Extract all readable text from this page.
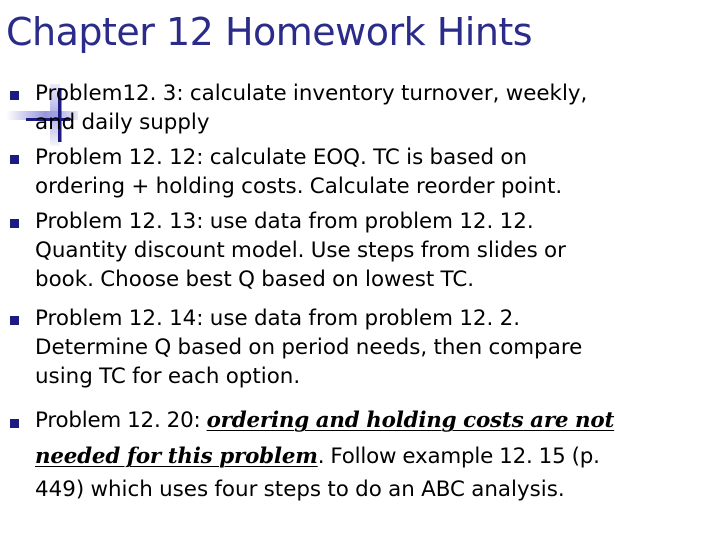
Chapter 12 Homework Hints
Problem12. 3: calculate inventory turnover, weekly,
and daily supply
Problem 12. 12: calculate EOQ. TC is based on
ordering + holding costs. Calculate reorder point.
Problem 12. 13: use data from problem 12. 12.
Quantity discount model. Use steps from slides or
book. Choose best Q based on lowest TC.
Problem 12. 14: use data from problem 12. 2.
Determine Q based on period needs, then compare
using TC for each option.
Problem 12. 20: ordering and holding costs are not
needed for this problem. Follow example 12. 15 (p.
449) which uses four steps to do an ABC analysis.
